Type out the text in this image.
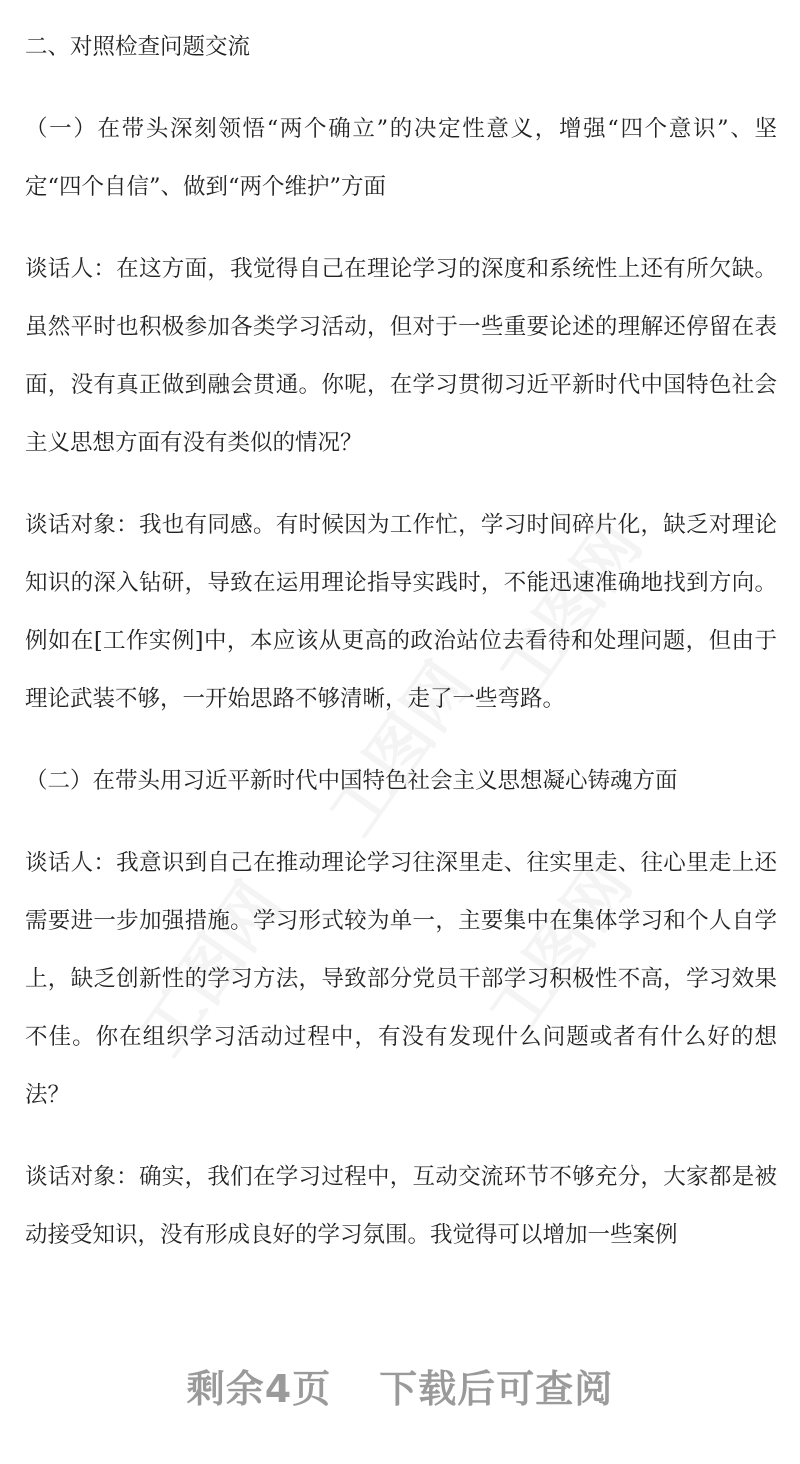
二、对照检查问题交流

（一）在带头深刻领悟“两个确立”的决定性意义，增强“四个意识”、坚定“四个自信”、做到“两个维护”方面

谈话人：在这方面，我觉得自己在理论学习的深度和系统性上还有所欠缺。虽然平时也积极参加各类学习活动，但对于一些重要论述的理解还停留在表面，没有真正做到融会贯通。你呢，在学习贯彻习近平新时代中国特色社会主义思想方面有没有类似的情况？

谈话对象：我也有同感。有时候因为工作忙，学习时间碎片化，缺乏对理论知识的深入钻研，导致在运用理论指导实践时，不能迅速准确地找到方向。例如在[工作实例]中，本应该从更高的政治站位去看待和处理问题，但由于理论武装不够，一开始思路不够清晰，走了一些弯路。

（二）在带头用习近平新时代中国特色社会主义思想凝心铸魂方面

谈话人：我意识到自己在推动理论学习往深里走、往实里走、往心里走上还需要进一步加强措施。学习形式较为单一，主要集中在集体学习和个人自学上，缺乏创新性的学习方法，导致部分党员干部学习积极性不高，学习效果不佳。你在组织学习活动过程中，有没有发现什么问题或者有什么好的想法？

谈话对象：确实，我们在学习过程中，互动交流环节不够充分，大家都是被动接受知识，没有形成良好的学习氛围。我觉得可以增加一些案例

剩余4页 下载后可查阅
